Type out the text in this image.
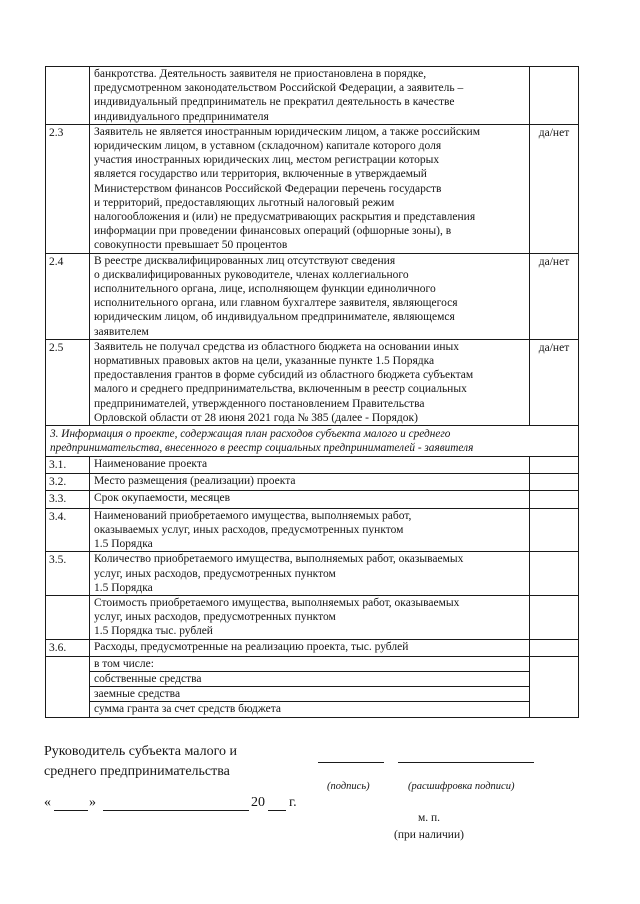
банкротства. Деятельность заявителя не приостановлена в порядке,
предусмотренном законодательством Российской Федерации, а заявитель –
индивидуальный предприниматель не прекратил деятельность в качестве
индивидуального предпринимателя
2.3	Заявитель не является иностранным юридическим лицом, а также российским
юридическим лицом, в уставном (складочном) капитале которого доля
участия иностранных юридических лиц, местом регистрации которых
является государство или территория, включенные в утверждаемый
Министерством финансов Российской Федерации перечень государств
и территорий, предоставляющих льготный налоговый режим
налогообложения и (или) не предусматривающих раскрытия и представления
информации при проведении финансовых операций (офшорные зоны), в
совокупности превышает 50 процентов
да/нет
2.4	В реестре дисквалифицированных лиц отсутствуют сведения
о дисквалифицированных руководителе, членах коллегиального
исполнительного органа, лице, исполняющем функции единоличного
исполнительного органа, или главном бухгалтере заявителя, являющегося
юридическим лицом, об индивидуальном предпринимателе, являющемся
заявителем
да/нет
2.5	Заявитель не получал средства из областного бюджета на основании иных
нормативных правовых актов на цели, указанные пункте 1.5 Порядка
предоставления грантов в форме субсидий из областного бюджета субъектам
малого и среднего предпринимательства, включенным в реестр социальных
предпринимателей, утвержденного постановлением Правительства
Орловской области от 28 июня 2021 года № 385 (далее - Порядок)
да/нет
3. Информация о проекте, содержащая план расходов субъекта малого и среднего
предпринимательства, внесенного в реестр социальных предпринимателей - заявителя
3.1.	Наименование проекта
3.2.	Место размещения (реализации) проекта
3.3.	Срок окупаемости, месяцев
3.4.	Наименований приобретаемого имущества, выполняемых работ,
оказываемых услуг, иных расходов, предусмотренных пунктом
1.5 Порядка
3.5.	Количество приобретаемого имущества, выполняемых работ, оказываемых
услуг, иных расходов, предусмотренных пунктом
1.5 Порядка
Стоимость приобретаемого имущества, выполняемых работ, оказываемых
услуг, иных расходов, предусмотренных пунктом
1.5 Порядка тыс. рублей
3.6.	Расходы, предусмотренные на реализацию проекта, тыс. рублей
в том числе:
собственные средства
заемные средства
сумма гранта за счет средств бюджета
Руководитель субъекта малого и
среднего предпринимательства
(подпись)	(расшифровка подписи)
«	»	20 г.
м. п.
(при наличии)
